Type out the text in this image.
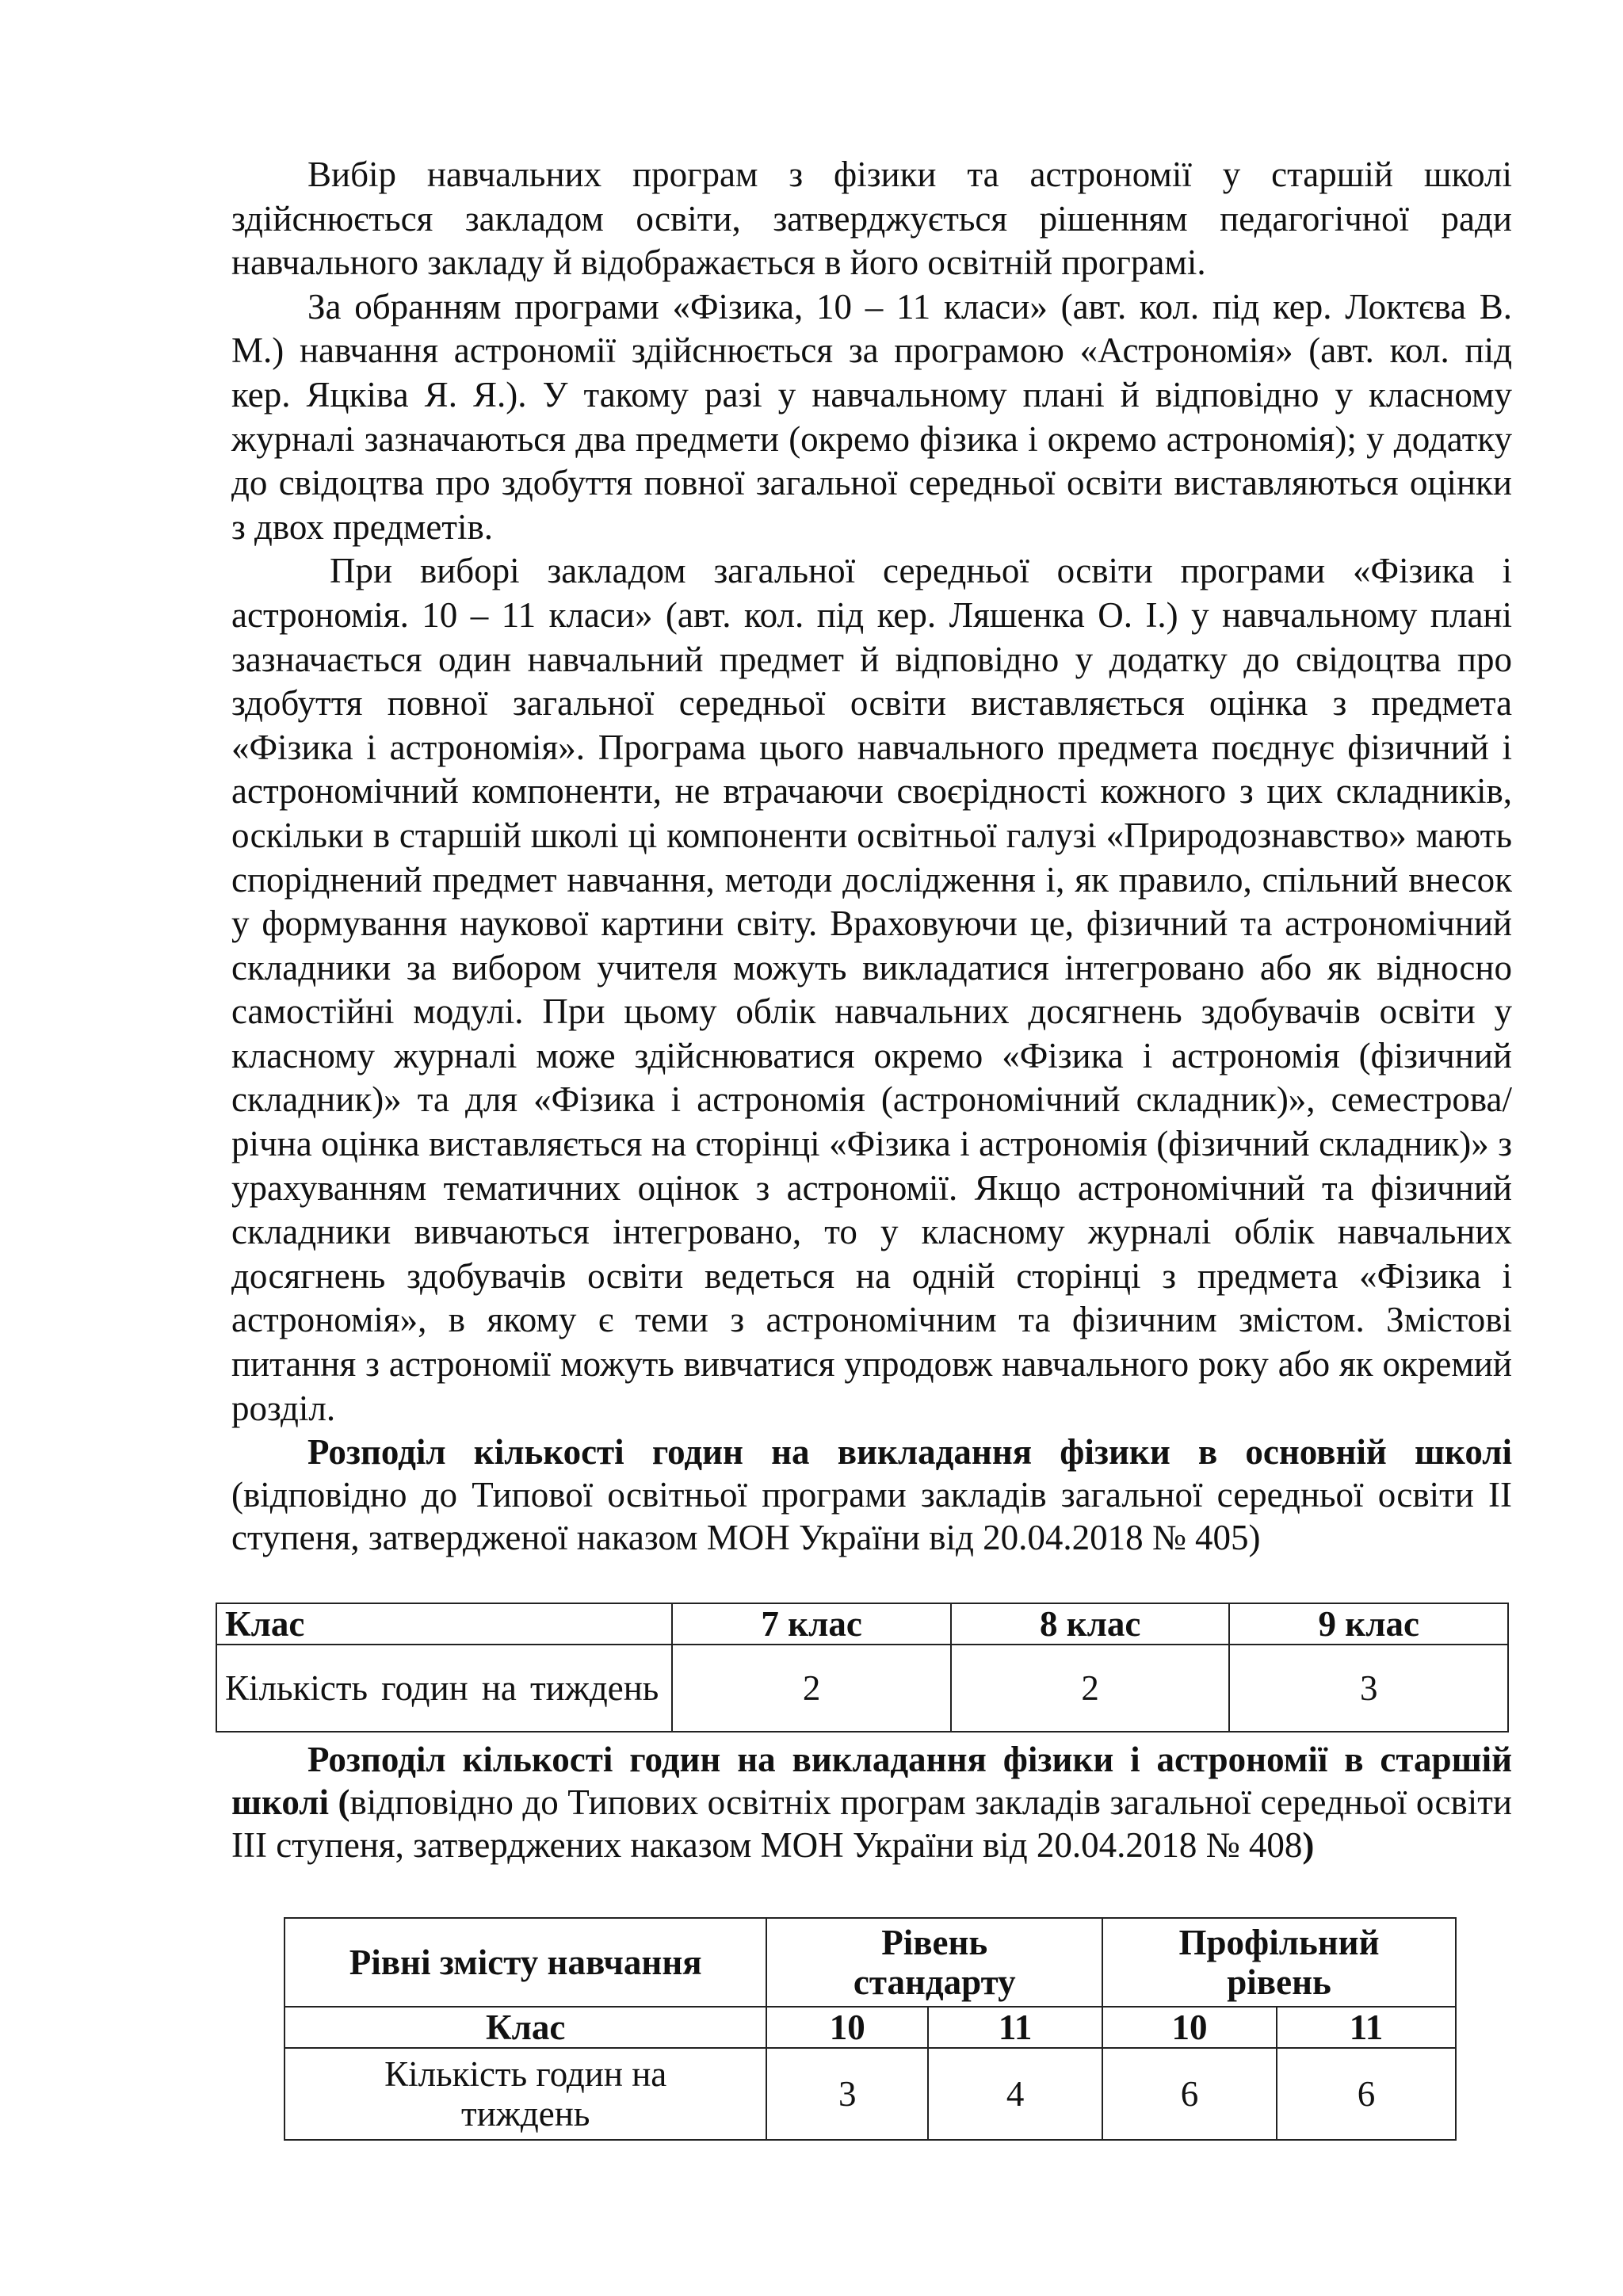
Вибір навчальних програм з фізики та астрономії у старшій школі здійснюється закладом освіти, затверджується рішенням педагогічної ради навчального закладу й відображається в його освітній програмі.

За обранням програми «Фізика, 10 – 11 класи» (авт. кол. під кер. Локтєва В. М.) навчання астрономії здійснюється за програмою «Астрономія» (авт. кол. під кер. Яцківа Я. Я.). У такому разі у навчальному плані й відповідно у класному журналі зазначаються два предмети (окремо фізика і окремо астрономія); у додатку до свідоцтва про здобуття повної загальної середньої освіти виставляються оцінки з двох предметів.

При виборі закладом загальної середньої освіти програми «Фізика і астрономія. 10 – 11 класи» (авт. кол. під кер. Ляшенка О. І.) у навчальному плані зазначається один навчальний предмет й відповідно у додатку до свідоцтва про здобуття повної загальної середньої освіти виставляється оцінка з предмета «Фізика і астрономія». Програма цього навчального предмета поєднує фізичний і астрономічний компоненти, не втрачаючи своєрідності кожного з цих складників, оскільки в старшій школі ці компоненти освітньої галузі «Природознавство» мають споріднений предмет навчання, методи дослідження і, як правило, спільний внесок у формування наукової картини світу. Враховуючи це, фізичний та астрономічний складники за вибором учителя можуть викладатися інтегровано або як відносно самостійні модулі. При цьому облік навчальних досягнень здобувачів освіти у класному журналі може здійснюватися окремо «Фізика і астрономія (фізичний складник)» та для «Фізика і астрономія (астрономічний складник)», семестрова/річна оцінка виставляється на сторінці «Фізика і астрономія (фізичний складник)» з урахуванням тематичних оцінок з астрономії. Якщо астрономічний та фізичний складники вивчаються інтегровано, то у класному журналі облік навчальних досягнень здобувачів освіти ведеться на одній сторінці з предмета «Фізика і астрономія», в якому є теми з астрономічним та фізичним змістом. Змістові питання з астрономії можуть вивчатися упродовж навчального року або як окремий розділ.

Розподіл кількості годин на викладання фізики в основній школі (відповідно до Типової освітньої програми закладів загальної середньої освіти II ступеня, затвердженої наказом МОН України від 20.04.2018 № 405)

Клас	7 клас	8 клас	9 клас
Кількість годин на тиждень	2	2	3

Розподіл кількості годин на викладання фізики і астрономії в старшій школі (відповідно до Типових освітніх програм закладів загальної середньої освіти III ступеня, затверджених наказом МОН України від 20.04.2018 № 408)

Рівні змісту навчання	Рівень стандарту		Профільний рівень	
Клас	10	11	10	11
Кількість годин на тиждень	3	4	6	6
